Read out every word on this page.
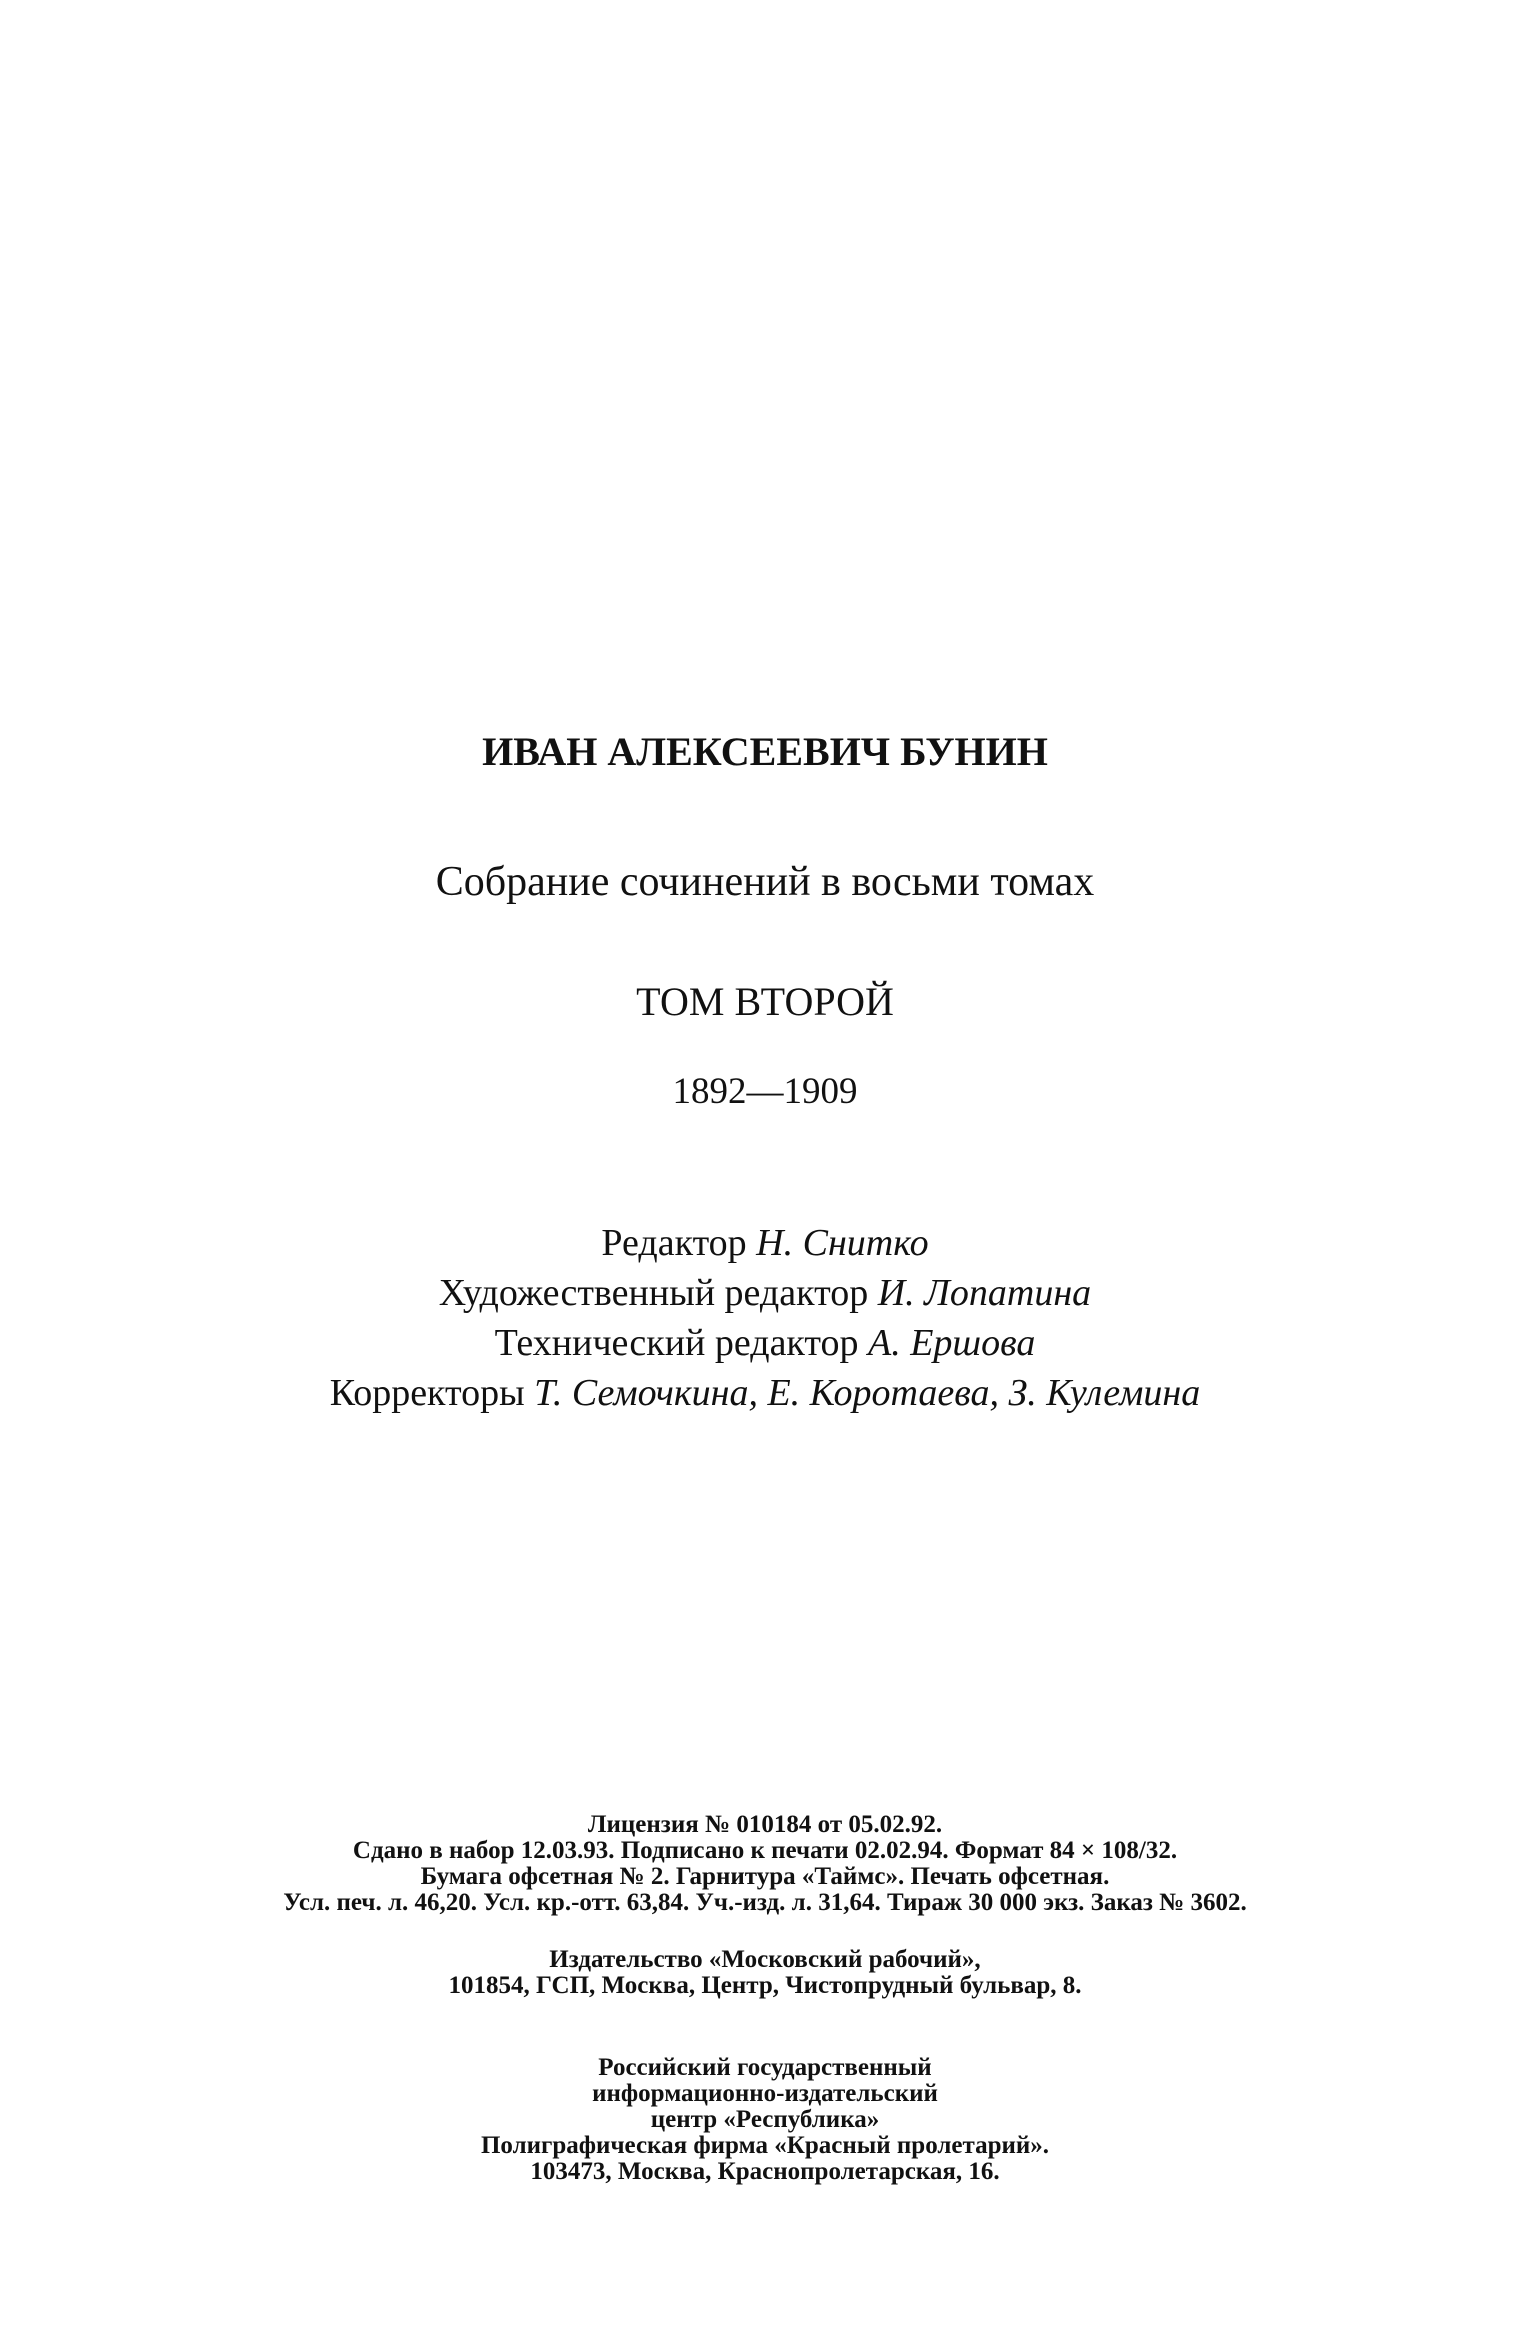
ИВАН АЛЕКСЕЕВИЧ БУНИН
Собрание сочинений в восьми томах
ТОМ ВТОРОЙ
1892—1909
Редактор Н. Снитко
Художественный редактор И. Лопатина
Технический редактор А. Ершова
Корректоры Т. Семочкина, Е. Коротаева, З. Кулемина
Лицензия № 010184 от 05.02.92.
Сдано в набор 12.03.93. Подписано к печати 02.02.94. Формат 84 × 108/32.
Бумага офсетная № 2. Гарнитура «Таймс». Печать офсетная.
Усл. печ. л. 46,20. Усл. кр.-отт. 63,84. Уч.-изд. л. 31,64. Тираж 30 000 экз. Заказ № 3602.
Издательство «Московский рабочий»,
101854, ГСП, Москва, Центр, Чистопрудный бульвар, 8.
Российский государственный
информационно-издательский
центр «Республика»
Полиграфическая фирма «Красный пролетарий».
103473, Москва, Краснопролетарская, 16.
